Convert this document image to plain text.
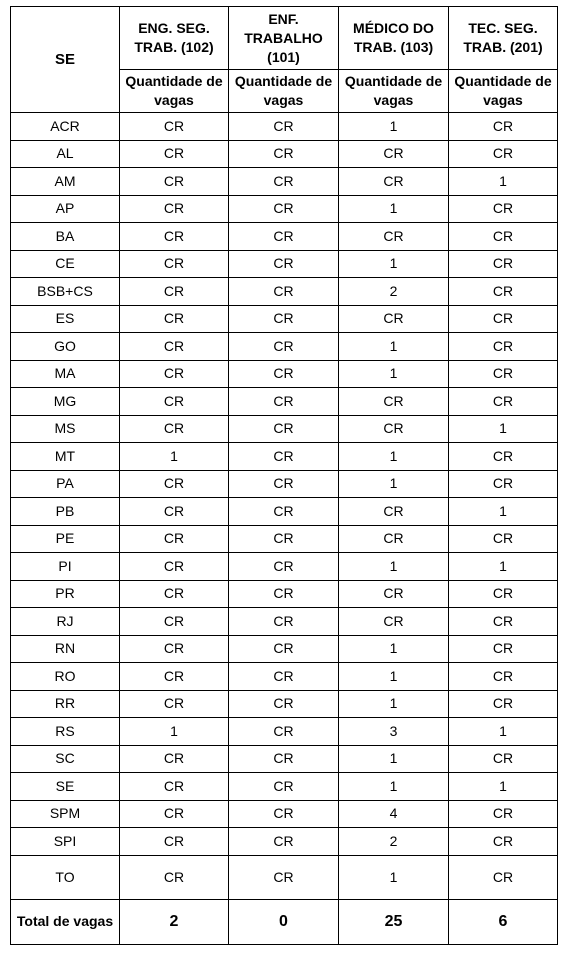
SE	ENG. SEG. TRAB. (102)	ENF. TRABALHO (101)	MÉDICO DO TRAB. (103)	TEC. SEG. TRAB. (201)
	Quantidade de vagas	Quantidade de vagas	Quantidade de vagas	Quantidade de vagas
ACR	CR	CR	1	CR
AL	CR	CR	CR	CR
AM	CR	CR	CR	1
AP	CR	CR	1	CR
BA	CR	CR	CR	CR
CE	CR	CR	1	CR
BSB+CS	CR	CR	2	CR
ES	CR	CR	CR	CR
GO	CR	CR	1	CR
MA	CR	CR	1	CR
MG	CR	CR	CR	CR
MS	CR	CR	CR	1
MT	1	CR	1	CR
PA	CR	CR	1	CR
PB	CR	CR	CR	1
PE	CR	CR	CR	CR
PI	CR	CR	1	1
PR	CR	CR	CR	CR
RJ	CR	CR	CR	CR
RN	CR	CR	1	CR
RO	CR	CR	1	CR
RR	CR	CR	1	CR
RS	1	CR	3	1
SC	CR	CR	1	CR
SE	CR	CR	1	1
SPM	CR	CR	4	CR
SPI	CR	CR	2	CR
TO	CR	CR	1	CR
Total de vagas	2	0	25	6
